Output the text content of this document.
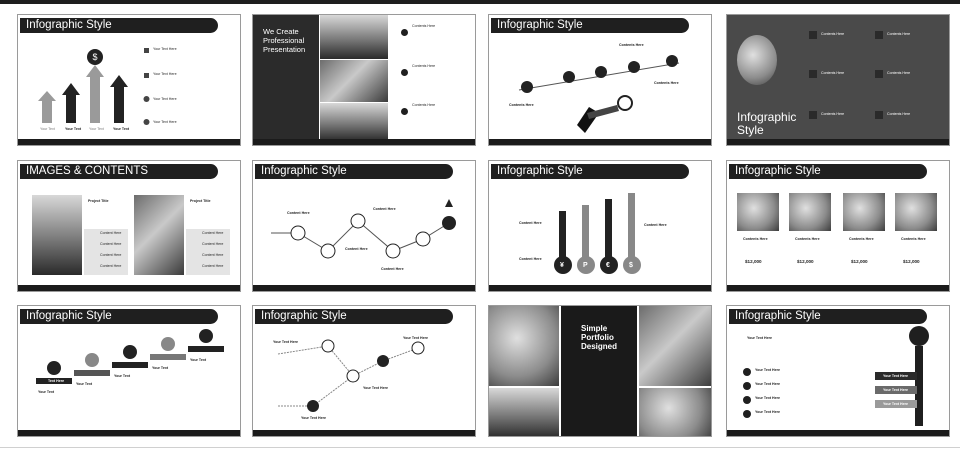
Infographic Style
$
Your Text	Your Text Your Text	Your Text
Your Text Here
Your Text Here
Your Text Here
Your Text Here
We Create Professional Presentation
Contents Here
Contents Here
Contents Here
Infographic Style
Contents Here
Contents Here
Contents Here
Infographic Style
Contents Here	Contents Here
Contents Here	Contents Here
Contents Here	Contents Here
IMAGES & CONTENTS
Project Title	Project Title
Content Here
Content Here
Content Here
Content Here
Content Here
Content Here
Content Here
Content Here
Infographic Style
Content Here
Content Here
Content Here
Content Here
Infographic Style
¥	P	€	$
Content Here	Content Here
Content Here
Infographic Style
Contents Here	Contents Here	Contents Here	Contents Here
$12,000	$12,000	$12,000	$12,000
Infographic Style
Text Here
Your Text
Your Text
Your Text
Your Text
Your Text
Infographic Style
Your Text Here
Your Text Here
Your Text Here
Your Text Here
Simple Portfolio Designed
Infographic Style
Your Text Here
Your Text Here
Your Text Here
Your Text Here
Your Text Here
Your Text Here
Your Text Here
Your Text Here
